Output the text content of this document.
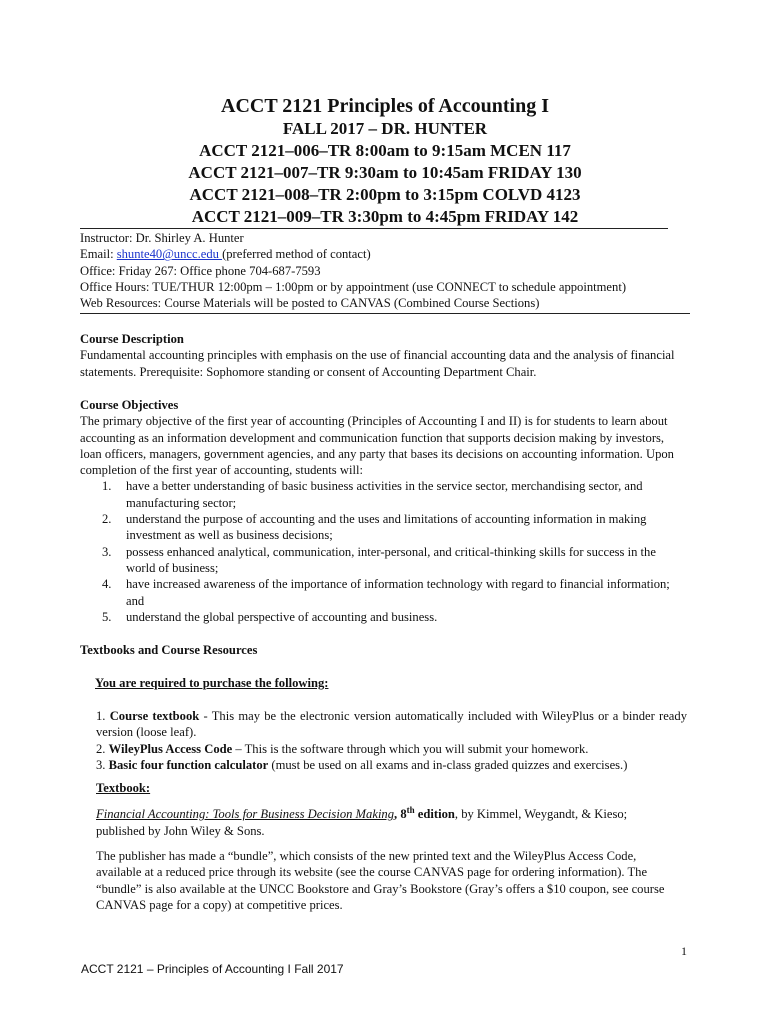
ACCT 2121 Principles of Accounting I
FALL 2017 – DR. HUNTER
ACCT 2121–006–TR 8:00am to 9:15am MCEN 117
ACCT 2121–007–TR 9:30am to 10:45am FRIDAY 130
ACCT 2121–008–TR 2:00pm to 3:15pm COLVD 4123
ACCT 2121–009–TR 3:30pm to 4:45pm FRIDAY 142
Instructor: Dr. Shirley A. Hunter
Email: shunte40@uncc.edu (preferred method of contact)
Office: Friday 267: Office phone 704-687-7593
Office Hours: TUE/THUR 12:00pm – 1:00pm or by appointment (use CONNECT to schedule appointment)
Web Resources: Course Materials will be posted to CANVAS (Combined Course Sections)
Course Description
Fundamental accounting principles with emphasis on the use of financial accounting data and the analysis of financial statements. Prerequisite: Sophomore standing or consent of Accounting Department Chair.
Course Objectives
The primary objective of the first year of accounting (Principles of Accounting I and II) is for students to learn about accounting as an information development and communication function that supports decision making by investors, loan officers, managers, government agencies, and any party that bases its decisions on accounting information. Upon completion of the first year of accounting, students will:
1. have a better understanding of basic business activities in the service sector, merchandising sector, and manufacturing sector;
2. understand the purpose of accounting and the uses and limitations of accounting information in making investment as well as business decisions;
3. possess enhanced analytical, communication, inter-personal, and critical-thinking skills for success in the world of business;
4. have increased awareness of the importance of information technology with regard to financial information; and
5. understand the global perspective of accounting and business.
Textbooks and Course Resources
You are required to purchase the following:
1. Course textbook - This may be the electronic version automatically included with WileyPlus or a binder ready version (loose leaf).
2. WileyPlus Access Code – This is the software through which you will submit your homework.
3. Basic four function calculator (must be used on all exams and in-class graded quizzes and exercises.)
Textbook:
Financial Accounting: Tools for Business Decision Making, 8th edition, by Kimmel, Weygandt, & Kieso; published by John Wiley & Sons.
The publisher has made a “bundle”, which consists of the new printed text and the WileyPlus Access Code, available at a reduced price through its website (see the course CANVAS page for ordering information). The “bundle” is also available at the UNCC Bookstore and Gray’s Bookstore (Gray’s offers a $10 coupon, see course CANVAS page for a copy) at competitive prices.
1
ACCT 2121 – Principles of Accounting I Fall 2017
